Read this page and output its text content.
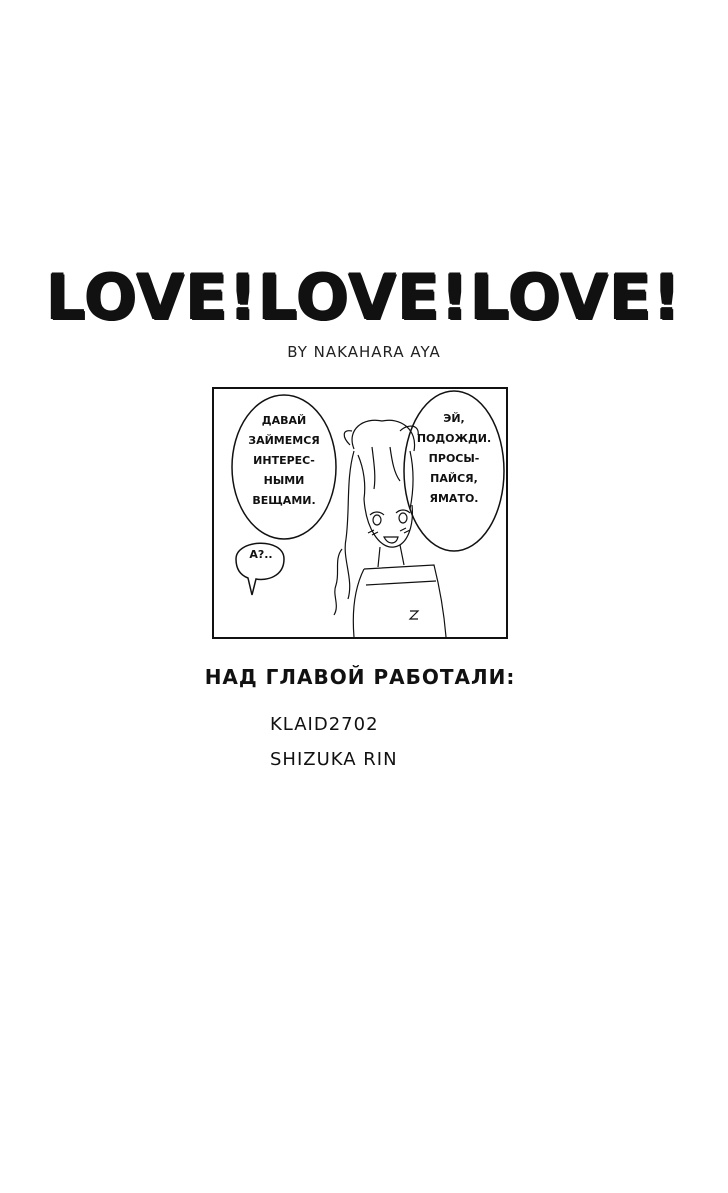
LOVE!LOVE!LOVE!
BY NAKAHARA AYA
ДАВАЙ
ЗАЙМЕМСЯ
ИНТЕРЕС-
НЫМИ
ВЕЩАМИ.
ЭЙ,
ПОДОЖДИ.
ПРОСЫ-
ПАЙСЯ,
ЯМАТО.
А?..
НАД ГЛАВОЙ РАБОТАЛИ:
KLAID2702
SHIZUKA RIN
